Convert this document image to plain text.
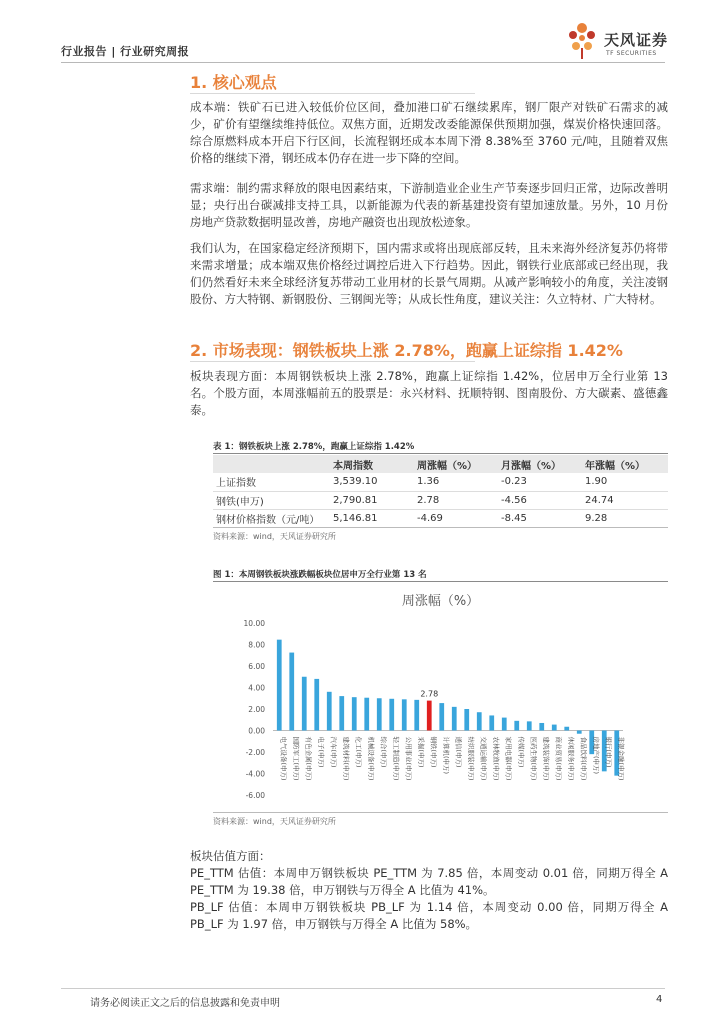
行业报告 | 行业研究周报
天风证券
TF SECURITIES
1. 核心观点

成本端：铁矿石已进入较低价位区间，叠加港口矿石继续累库，钢厂限产对铁矿石需求的减少，矿价有望继续维持低位。双焦方面，近期发改委能源保供预期加强，煤炭价格快速回落。综合原燃料成本开启下行区间，长流程钢坯成本本周下滑 8.38%至 3760 元/吨，且随着双焦价格的继续下滑，钢坯成本仍存在进一步下降的空间。

需求端：制约需求释放的限电因素结束，下游制造业企业生产节奏逐步回归正常，边际改善明显；央行出台碳减排支持工具，以新能源为代表的新基建投资有望加速放量。另外，10 月份房地产贷款数据明显改善，房地产融资也出现放松迹象。

我们认为，在国家稳定经济预期下，国内需求或将出现底部反转，且未来海外经济复苏仍将带来需求增量；成本端双焦价格经过调控后进入下行趋势。因此，钢铁行业底部或已经出现，我们仍然看好未来全球经济复苏带动工业用材的长景气周期。从减产影响较小的角度，关注凌钢股份、方大特钢、新钢股份、三钢闽光等；从成长性角度，建议关注：久立特材、广大特材。

2. 市场表现：钢铁板块上涨 2.78%，跑赢上证综指 1.42%

板块表现方面：本周钢铁板块上涨 2.78%，跑赢上证综指 1.42%，位居申万全行业第 13 名。个股方面，本周涨幅前五的股票是：永兴材料、抚顺特钢、图南股份、方大碳素、盛德鑫泰。

表 1：钢铁板块上涨 2.78%，跑赢上证综指 1.42%
	本周指数	周涨幅（%）	月涨幅（%）	年涨幅（%）
上证指数	3,539.10	1.36	-0.23	1.90
钢铁(申万)	2,790.81	2.78	-4.56	24.74
钢材价格指数（元/吨）	5,146.81	-4.69	-8.45	9.28
资料来源：wind，天风证券研究所
图 1：本周钢铁板块涨跌幅板块位居申万全行业第 13 名
周涨幅（%）
10.00
8.00
6.00
4.00
2.00
0.00
-2.00
-4.00
-6.00
电气设备(申万) 国防军工(申万) 有色金属(申万) 电子(申万) 汽车(申万) 建筑材料(申万) 化工(申万) 机械设备(申万) 综合(申万) 轻工制造(申万) 公用事业(申万) 采掘(申万) 钢铁(申万)
2.78
计算机(申万) 通信(申万) 纺织服装(申万) 交通运输(申万) 农林牧渔(申万) 家用电器(申万) 传媒(申万) 医药生物(申万) 建筑装饰(申万) 商业贸易(申万) 休闲服务(申万) 食品饮料(申万) 房地产(申万) 银行(申万) 非银金融(申万)
资料来源：wind，天风证券研究所

板块估值方面：

PE_TTM 估值：本周申万钢铁板块 PE_TTM 为 7.85 倍，本周变动 0.01 倍，同期万得全 A PE_TTM 为 19.38 倍，申万钢铁与万得全 A 比值为 41%。

PB_LF 估值：本周申万钢铁板块 PB_LF 为 1.14 倍，本周变动 0.00 倍，同期万得全 A PB_LF 为 1.97 倍，申万钢铁与万得全 A 比值为 58%。

请务必阅读正文之后的信息披露和免责申明	4
